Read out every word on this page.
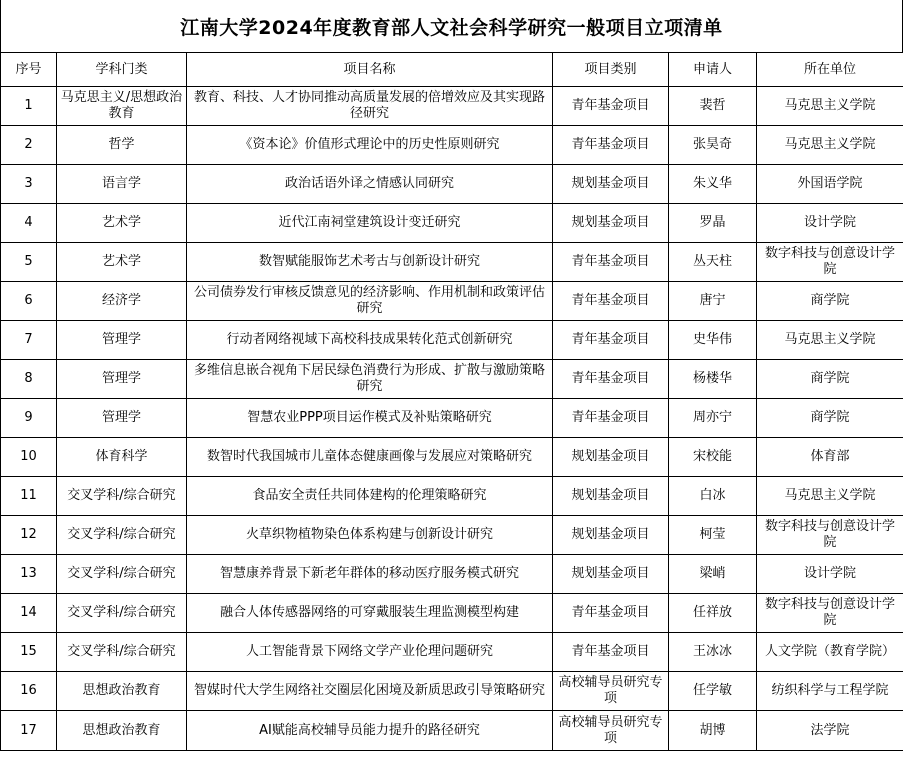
江南大学2024年度教育部人文社会科学研究一般项目立项清单
序号	学科门类	项目名称	项目类别	申请人	所在单位
1	马克思主义/思想政治教育	教育、科技、人才协同推动高质量发展的倍增效应及其实现路径研究	青年基金项目	裴哲	马克思主义学院
2	哲学	《资本论》价值形式理论中的历史性原则研究	青年基金项目	张昊奇	马克思主义学院
3	语言学	政治话语外译之情感认同研究	规划基金项目	朱义华	外国语学院
4	艺术学	近代江南祠堂建筑设计变迁研究	规划基金项目	罗晶	设计学院
5	艺术学	数智赋能服饰艺术考古与创新设计研究	青年基金项目	丛天柱	数字科技与创意设计学院
6	经济学	公司债券发行审核反馈意见的经济影响、作用机制和政策评估研究	青年基金项目	唐宁	商学院
7	管理学	行动者网络视域下高校科技成果转化范式创新研究	青年基金项目	史华伟	马克思主义学院
8	管理学	多维信息嵌合视角下居民绿色消费行为形成、扩散与激励策略研究	青年基金项目	杨楼华	商学院
9	管理学	智慧农业PPP项目运作模式及补贴策略研究	青年基金项目	周亦宁	商学院
10	体育科学	数智时代我国城市儿童体态健康画像与发展应对策略研究	规划基金项目	宋校能	体育部
11	交叉学科/综合研究	食品安全责任共同体建构的伦理策略研究	规划基金项目	白冰	马克思主义学院
12	交叉学科/综合研究	火草织物植物染色体系构建与创新设计研究	规划基金项目	柯莹	数字科技与创意设计学院
13	交叉学科/综合研究	智慧康养背景下新老年群体的移动医疗服务模式研究	规划基金项目	梁峭	设计学院
14	交叉学科/综合研究	融合人体传感器网络的可穿戴服装生理监测模型构建	青年基金项目	任祥放	数字科技与创意设计学院
15	交叉学科/综合研究	人工智能背景下网络文学产业伦理问题研究	青年基金项目	王冰冰	人文学院（教育学院）
16	思想政治教育	智媒时代大学生网络社交圈层化困境及新质思政引导策略研究	高校辅导员研究专项	任学敏	纺织科学与工程学院
17	思想政治教育	AI赋能高校辅导员能力提升的路径研究	高校辅导员研究专项	胡博	法学院
